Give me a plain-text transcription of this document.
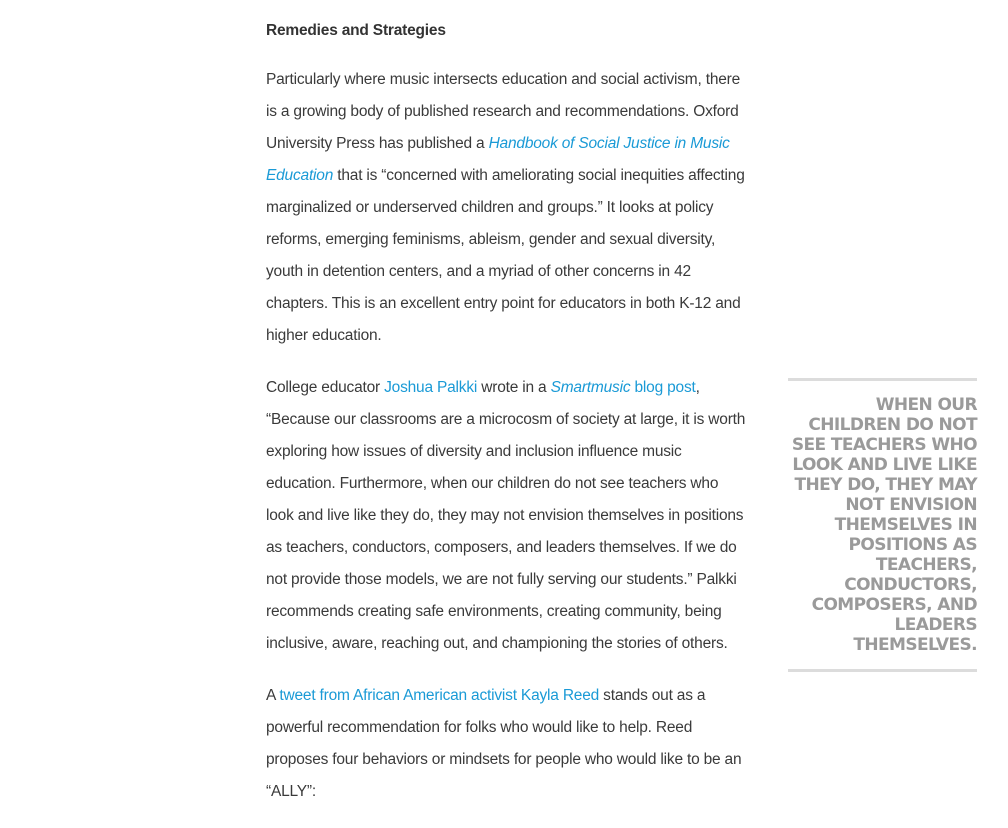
Remedies and Strategies

Particularly where music intersects education and social activism, there is a growing body of published research and recommendations. Oxford University Press has published a Handbook of Social Justice in Music Education that is “concerned with ameliorating social inequities affecting marginalized or underserved children and groups.” It looks at policy reforms, emerging feminisms, ableism, gender and sexual diversity, youth in detention centers, and a myriad of other concerns in 42 chapters. This is an excellent entry point for educators in both K-12 and higher education.

College educator Joshua Palkki wrote in a Smartmusic blog post, “Because our classrooms are a microcosm of society at large, it is worth exploring how issues of diversity and inclusion influence music education. Furthermore, when our children do not see teachers who look and live like they do, they may not envision themselves in positions as teachers, conductors, composers, and leaders themselves. If we do not provide those models, we are not fully serving our students.” Palkki recommends creating safe environments, creating community, being inclusive, aware, reaching out, and championing the stories of others.

A tweet from African American activist Kayla Reed stands out as a powerful recommendation for folks who would like to help. Reed proposes four behaviors or mindsets for people who would like to be an “ALLY”:

WHEN OUR CHILDREN DO NOT SEE TEACHERS WHO LOOK AND LIVE LIKE THEY DO, THEY MAY NOT ENVISION THEMSELVES IN POSITIONS AS TEACHERS, CONDUCTORS, COMPOSERS, AND LEADERS THEMSELVES.
